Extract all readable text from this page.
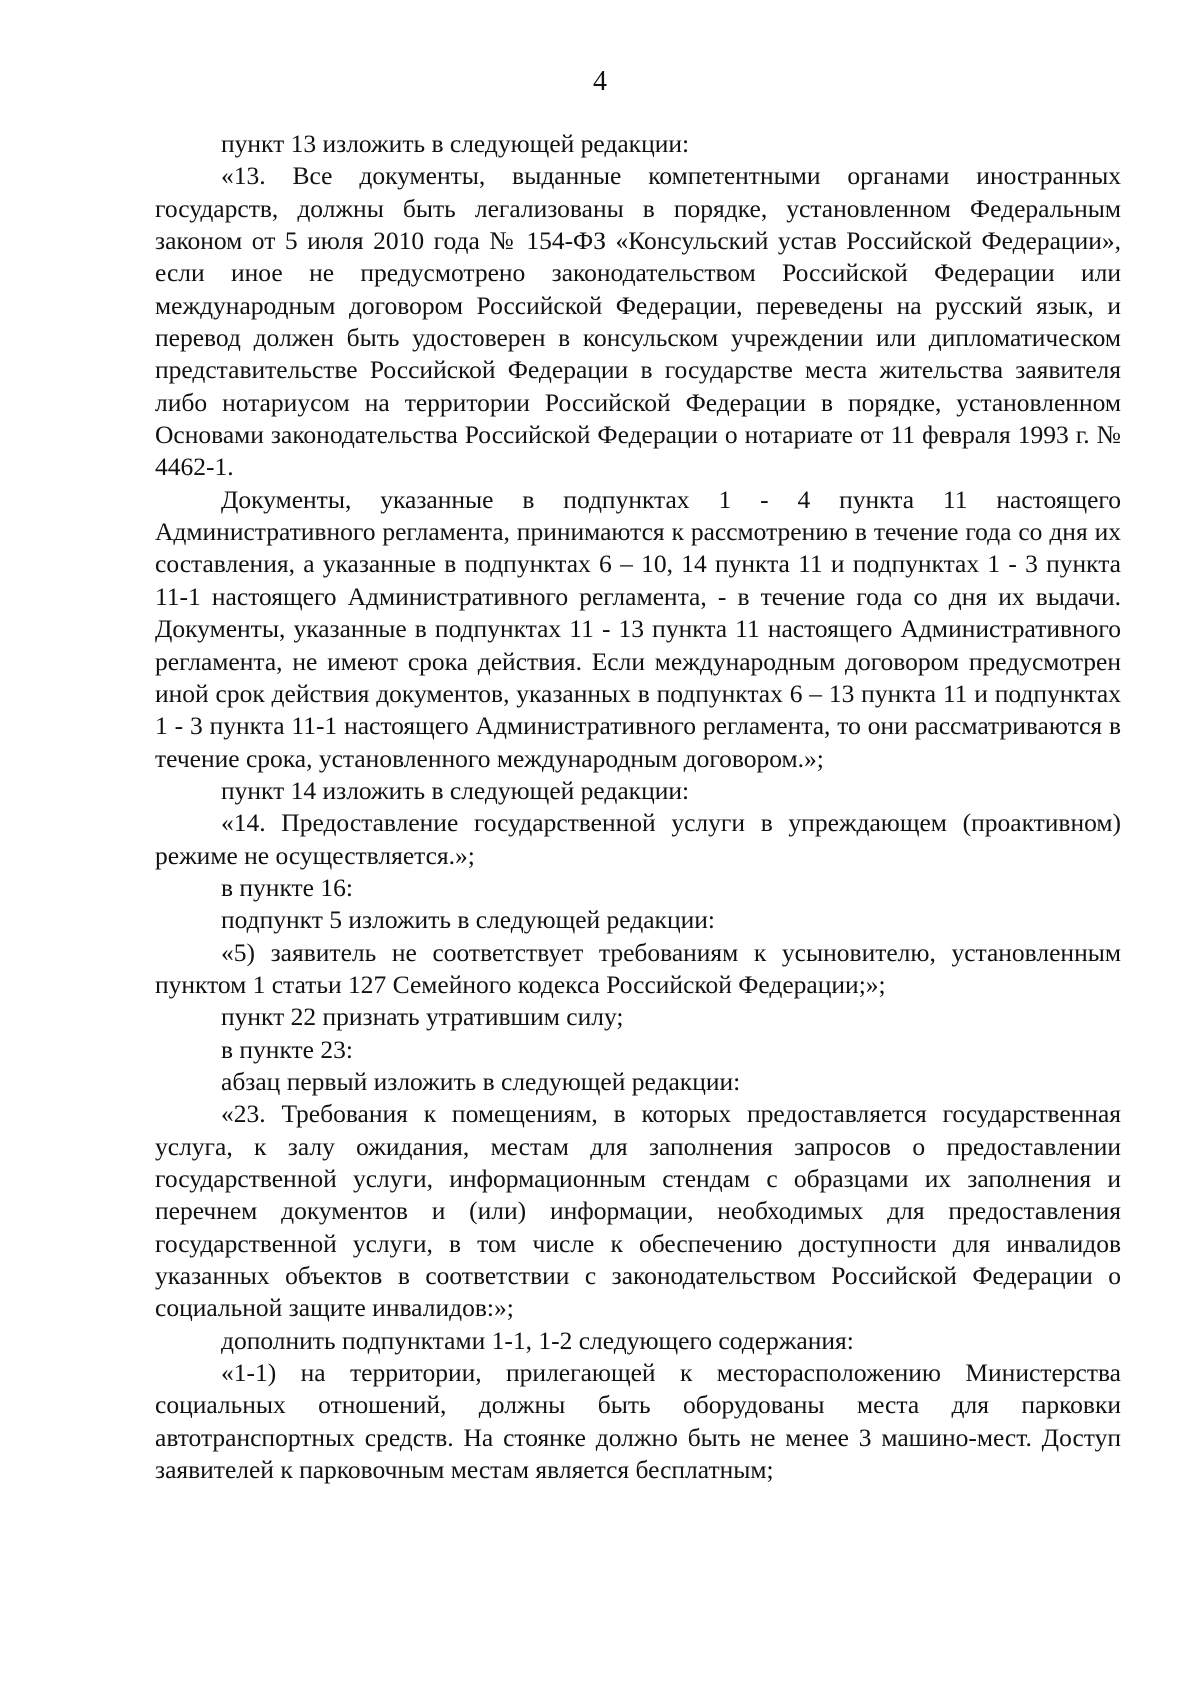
4

пункт 13 изложить в следующей редакции:

«13. Все документы, выданные компетентными органами иностранных государств, должны быть легализованы в порядке, установленном Федеральным законом от 5 июля 2010 года № 154-ФЗ «Консульский устав Российской Федерации», если иное не предусмотрено законодательством Российской Федерации или международным договором Российской Федерации, переведены на русский язык, и перевод должен быть удостоверен в консульском учреждении или дипломатическом представительстве Российской Федерации в государстве места жительства заявителя либо нотариусом на территории Российской Федерации в порядке, установленном Основами законодательства Российской Федерации о нотариате от 11 февраля 1993 г. № 4462-1.

Документы, указанные в подпунктах 1 - 4 пункта 11 настоящего Административного регламента, принимаются к рассмотрению в течение года со дня их составления, а указанные в подпунктах 6 – 10, 14 пункта 11 и подпунктах 1 - 3 пункта 11-1 настоящего Административного регламента, - в течение года со дня их выдачи. Документы, указанные в подпунктах 11 - 13 пункта 11 настоящего Административного регламента, не имеют срока действия. Если международным договором предусмотрен иной срок действия документов, указанных в подпунктах 6 – 13 пункта 11 и подпунктах 1 - 3 пункта 11-1 настоящего Административного регламента, то они рассматриваются в течение срока, установленного международным договором.»;

пункт 14 изложить в следующей редакции:

«14. Предоставление государственной услуги в упреждающем (проактивном) режиме не осуществляется.»;

в пункте 16:

подпункт 5 изложить в следующей редакции:

«5) заявитель не соответствует требованиям к усыновителю, установленным пунктом 1 статьи 127 Семейного кодекса Российской Федерации;»;

пункт 22 признать утратившим силу;

в пункте 23:

абзац первый изложить в следующей редакции:

«23. Требования к помещениям, в которых предоставляется государственная услуга, к залу ожидания, местам для заполнения запросов о предоставлении государственной услуги, информационным стендам с образцами их заполнения и перечнем документов и (или) информации, необходимых для предоставления государственной услуги, в том числе к обеспечению доступности для инвалидов указанных объектов в соответствии с законодательством Российской Федерации о социальной защите инвалидов:»;

дополнить подпунктами 1-1, 1-2 следующего содержания:

«1-1) на территории, прилегающей к месторасположению Министерства социальных отношений, должны быть оборудованы места для парковки автотранспортных средств. На стоянке должно быть не менее 3 машино-мест. Доступ заявителей к парковочным местам является бесплатным;
